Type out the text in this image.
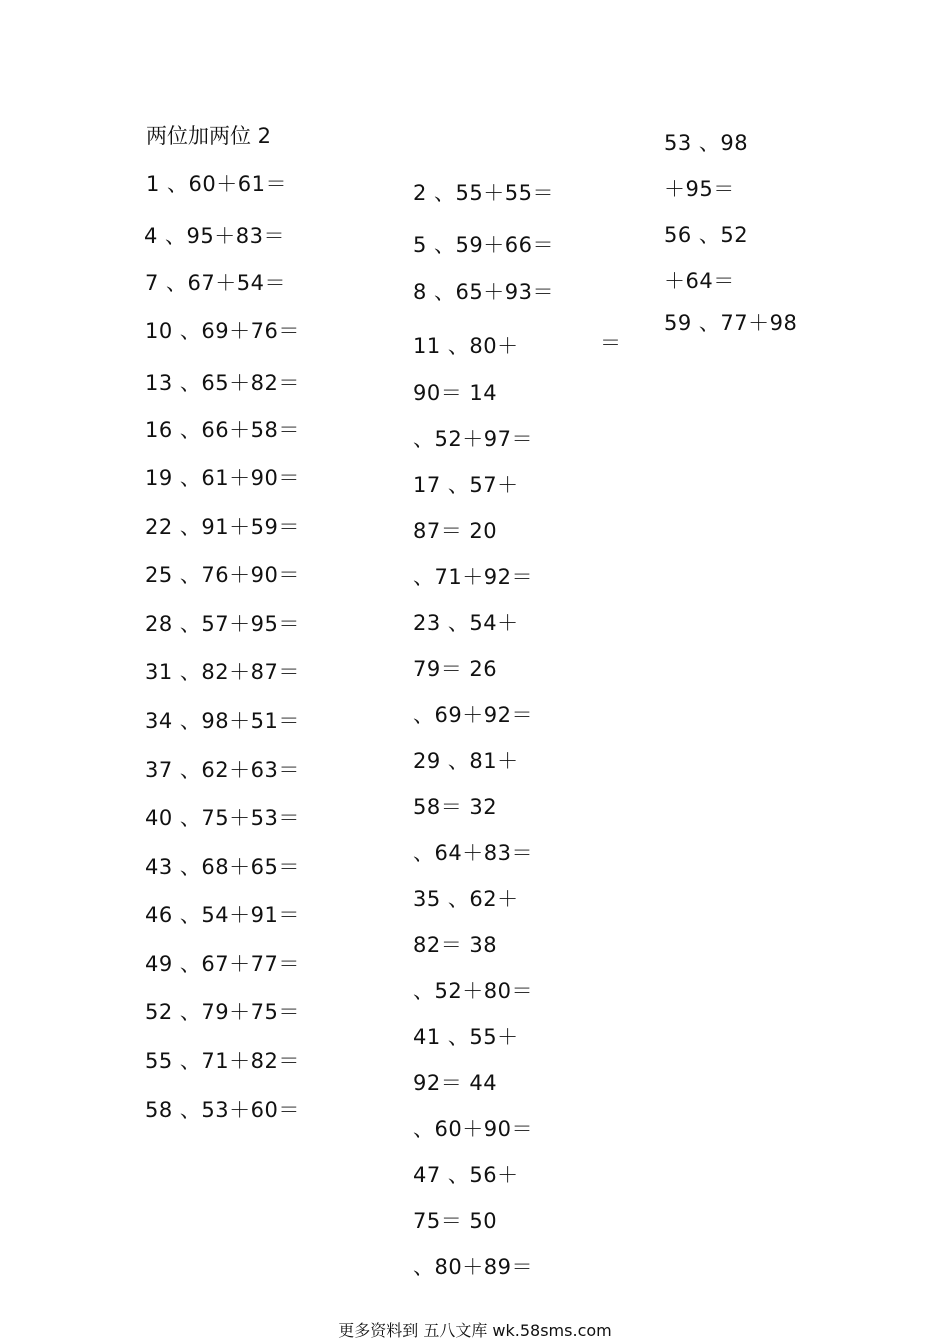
两位加两位 2
1 、60＋61＝
4 、95＋83＝
7 、67＋54＝
10 、69＋76＝
13 、65＋82＝
16 、66＋58＝
19 、61＋90＝
22 、91＋59＝
25 、76＋90＝
28 、57＋95＝
31 、82＋87＝
34 、98＋51＝
37 、62＋63＝
40 、75＋53＝
43 、68＋65＝
46 、54＋91＝
49 、67＋77＝
52 、79＋75＝
55 、71＋82＝
58 、53＋60＝
2 、55＋55＝
5 、59＋66＝
8 、65＋93＝
11 、80＋
90＝ 14
、52＋97＝
17 、57＋
87＝ 20
、71＋92＝
23 、54＋
79＝ 26
、69＋92＝
29 、81＋
58＝ 32
、64＋83＝
35 、62＋
82＝ 38
、52＋80＝
41 、55＋
92＝ 44
、60＋90＝
47 、56＋
75＝ 50
、80＋89＝
＝
53 、98
＋95＝
56 、52
＋64＝
59 、77＋98
更多资料到 五八文库 wk.58sms.com
